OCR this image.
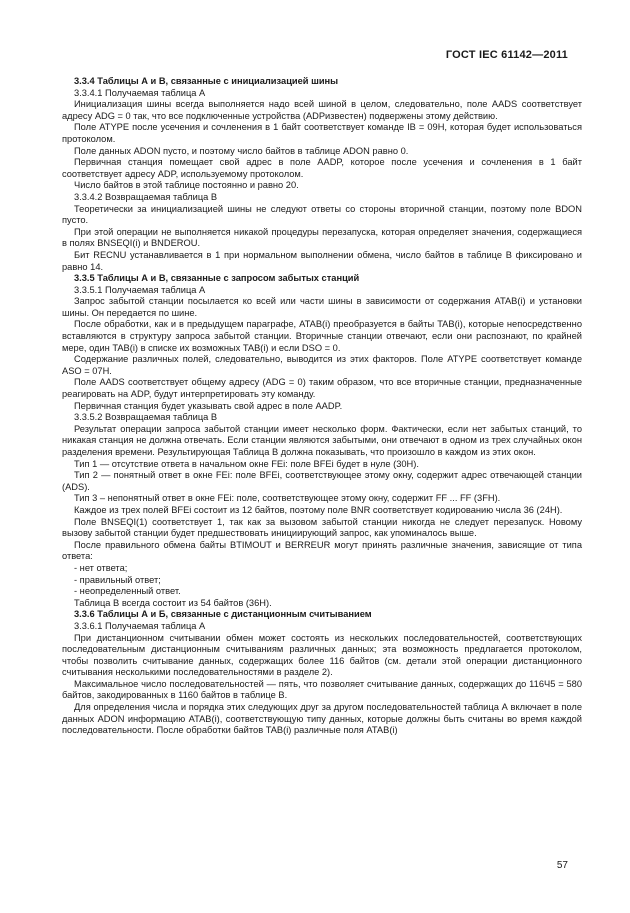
ГОСТ IEC 61142—2011

3.3.4 Таблицы А и В, связанные с инициализацией шины

3.3.4.1 Получаемая таблица А

Инициализация шины всегда выполняется надо всей шиной в целом, следовательно, поле AADS соответствует адресу ADG = 0 так, что все подключенные устройства (ADPизвестен) подвержены этому действию.

Поле ATYPE после усечения и сочленения в 1 байт соответствует команде IB = 09H, которая будет использоваться протоколом.

Поле данных ADON пусто, и поэтому число байтов в таблице ADON равно 0.

Первичная станция помещает свой адрес в поле AADP, которое после усечения и сочленения в 1 байт соответствует адресу ADP, используемому протоколом.

Число байтов в этой таблице постоянно и равно 20.

3.3.4.2 Возвращаемая таблица В

Теоретически за инициализацией шины не следуют ответы со стороны вторичной станции, поэтому поле BDON пусто.

При этой операции не выполняется никакой процедуры перезапуска, которая определяет значения, содержащиеся в полях BNSEQI(i) и BNDEROU.

Бит RECNU устанавливается в 1 при нормальном выполнении обмена, число байтов в таблице В фиксировано и равно 14.

3.3.5 Таблицы А и В, связанные с запросом забытых станций

3.3.5.1 Получаемая таблица А

Запрос забытой станции посылается ко всей или части шины в зависимости от содержания ATAB(i) и установки шины. Он передается по шине.

После обработки, как и в предыдущем параграфе, ATAB(i) преобразуется в байты TAB(i), которые непосредственно вставляются в структуру запроса забытой станции. Вторичные станции отвечают, если они распознают, по крайней мере, один TAB(i) в списке их возможных TAB(i) и если DSO = 0.

Содержание различных полей, следовательно, выводится из этих факторов. Поле ATYPE соответствует команде ASO = 07H.

Поле AADS соответствует общему адресу (ADG = 0) таким образом, что все вторичные станции, предназначенные реагировать на ADP, будут интерпретировать эту команду.

Первичная станция будет указывать свой адрес в поле AADP.

3.3.5.2 Возвращаемая таблица В

Результат операции запроса забытой станции имеет несколько форм. Фактически, если нет забытых станций, то никакая станция не должна отвечать. Если станции являются забытыми, они отвечают в одном из трех случайных окон разделения времени. Результирующая Таблица В должна показывать, что произошло в каждом из этих окон.

Тип 1 — отсутствие ответа в начальном окне FEi: поле BFEi будет в нуле (30H).

Тип 2 — понятный ответ в окне FEi: поле BFEi, соответствующее этому окну, содержит адрес отвечающей станции (ADS).

Тип 3 – непонятный ответ в окне FEi: поле, соответствующее этому окну, содержит FF ... FF (3FH).

Каждое из трех полей BFEi состоит из 12 байтов, поэтому поле BNR соответствует кодированию числа 36 (24H).

Поле BNSEQI(1) соответствует 1, так как за вызовом забытой станции никогда не следует перезапуск. Новому вызову забытой станции будет предшествовать инициирующий запрос, как упоминалось выше.

После правильного обмена байты BTIMOUT и BERREUR могут принять различные значения, зависящие от типа ответа:

- нет ответа;

- правильный ответ;

- неопределенный ответ.

Таблица В всегда состоит из 54 байтов (36H).

3.3.6 Таблицы А и Б, связанные с дистанционным считыванием

3.3.6.1 Получаемая таблица А

При дистанционном считывании обмен может состоять из нескольких последовательностей, соответствующих последовательным дистанционным считываниям различных данных; эта возможность предлагается протоколом, чтобы позволить считывание данных, содержащих более 116 байтов (см. детали этой операции дистанционного считывания несколькими последовательностями в разделе 2).

Максимальное число последовательностей — пять, что позволяет считывание данных, содержащих до 116Ч5 = 580 байтов, закодированных в 1160 байтов в таблице В.

Для определения числа и порядка этих следующих друг за другом последовательностей таблица А включает в поле данных ADON информацию ATAB(i), соответствующую типу данных, которые должны быть считаны во время каждой последовательности. После обработки байтов TAB(i) различные поля ATAB(i)

57
